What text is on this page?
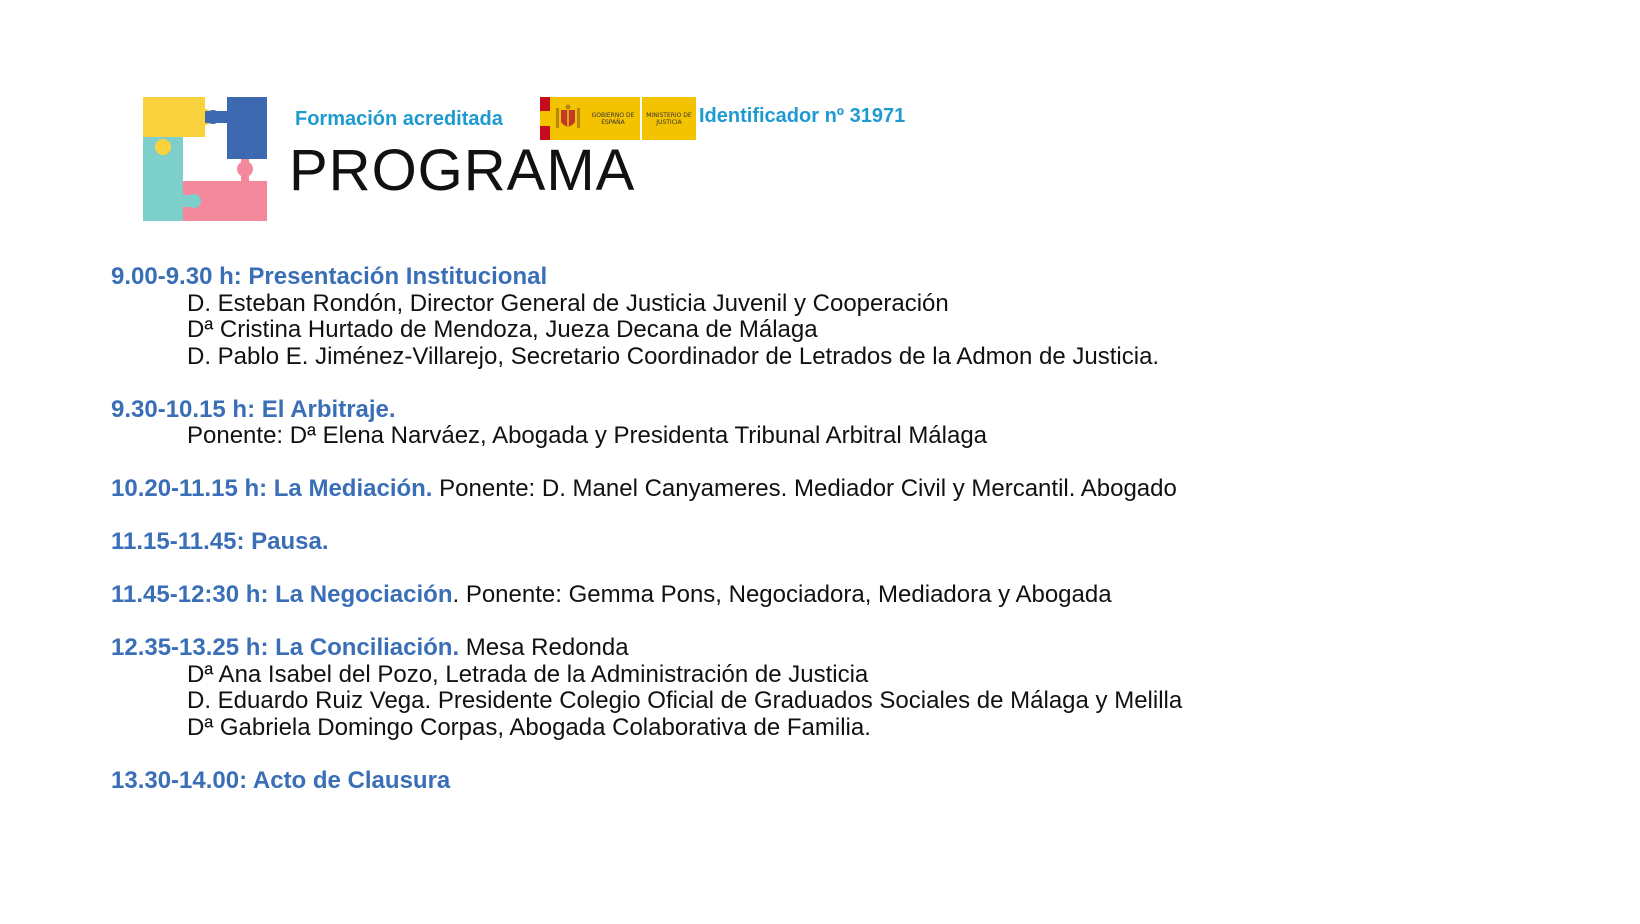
Formación acreditada	GOBIERNO DE ESPAÑA
MINISTERIO DE JUSTICIA Identificador nº 31971
PROGRAMA
9.00-9.30 h: Presentación Institucional
D. Esteban Rondón, Director General de Justicia Juvenil y Cooperación
Dª Cristina Hurtado de Mendoza, Jueza Decana de Málaga
D. Pablo E. Jiménez-Villarejo, Secretario Coordinador de Letrados de la Admon de Justicia.
9.30-10.15 h: El Arbitraje.
Ponente: Dª Elena Narváez, Abogada y Presidenta Tribunal Arbitral Málaga
10.20-11.15 h: La Mediación. Ponente: D. Manel Canyameres. Mediador Civil y Mercantil. Abogado
11.15-11.45: Pausa.
11.45-12:30 h: La Negociación. Ponente: Gemma Pons, Negociadora, Mediadora y Abogada
12.35-13.25 h: La Conciliación. Mesa Redonda
Dª Ana Isabel del Pozo, Letrada de la Administración de Justicia
D. Eduardo Ruiz Vega. Presidente Colegio Oficial de Graduados Sociales de Málaga y Melilla
Dª Gabriela Domingo Corpas, Abogada Colaborativa de Familia.
13.30-14.00: Acto de Clausura
